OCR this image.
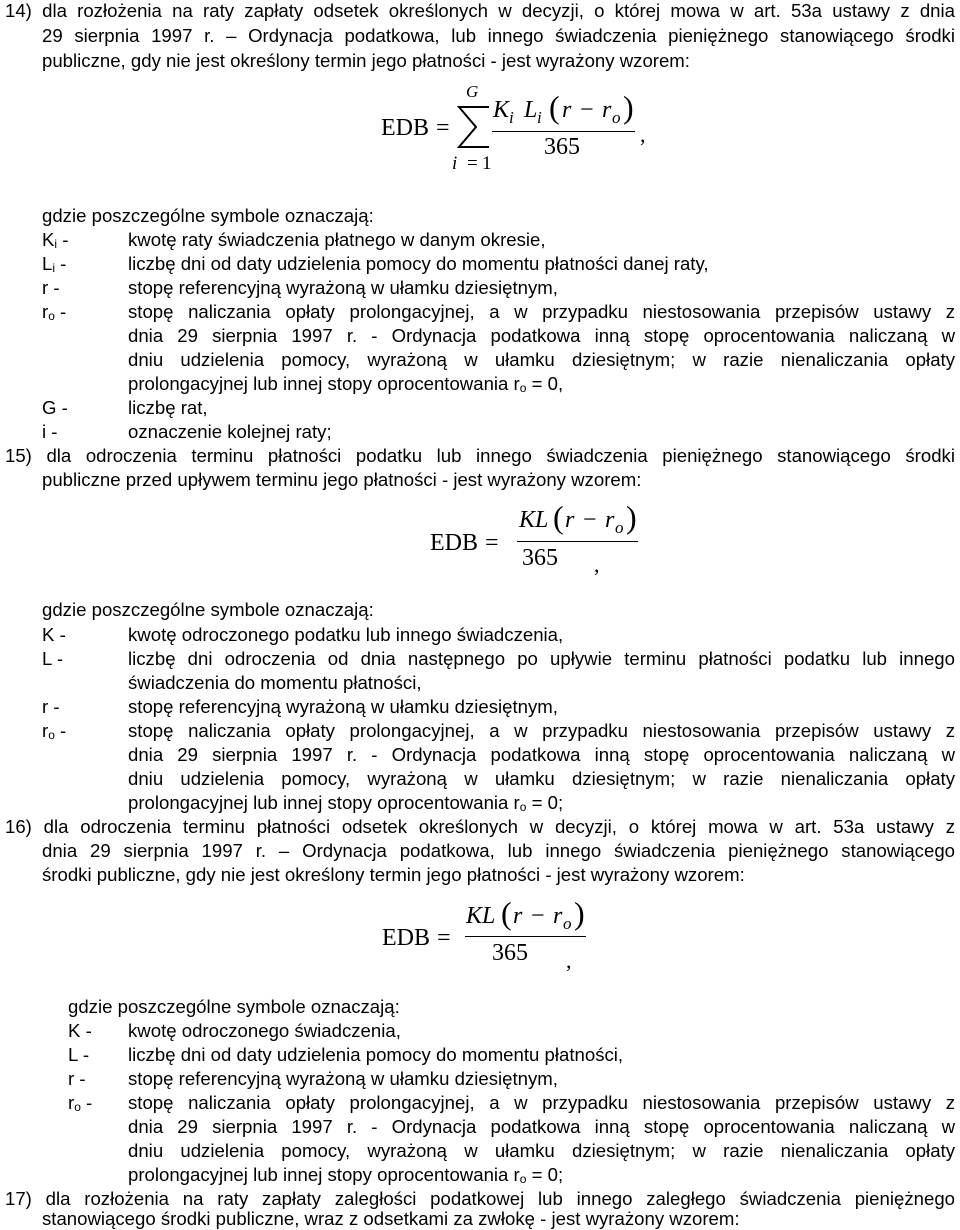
14) dla rozłożenia na raty zapłaty odsetek określonych w decyzji, o której mowa w art. 53a ustawy z dnia
29 sierpnia 1997 r. – Ordynacja podatkowa, lub innego świadczenia pieniężnego stanowiącego środki
publiczne, gdy nie jest określony termin jego płatności - jest wyrażony wzorem:
EDB =
G
i = 1
K i L i ( r − r o )
365	,
gdzie poszczególne symbole oznaczają:
$K_i$ -	kwotę raty świadczenia płatnego w danym okresie,
$L_i$ -	liczbę dni od daty udzielenia pomocy do momentu płatności danej raty,
r -	stopę referencyjną wyrażoną w ułamku dziesiętnym,
$r_o$ -	stopę naliczania opłaty prolongacyjnej, a w przypadku niestosowania przepisów ustawy z
dnia 29 sierpnia 1997 r. - Ordynacja podatkowa inną stopę oprocentowania naliczaną w
dniu udzielenia pomocy, wyrażoną w ułamku dziesiętnym; w razie nienaliczania opłaty
prolongacyjnej lub innej stopy oprocentowania $r_o = 0$,
G -	liczbę rat,
i -	oznaczenie kolejnej raty;
15) dla odroczenia terminu płatności podatku lub innego świadczenia pieniężnego stanowiącego środki
publiczne przed upływem terminu jego płatności - jest wyrażony wzorem:
EDB =
KL ( r − r o )
365 ,
gdzie poszczególne symbole oznaczają:
K -	kwotę odroczonego podatku lub innego świadczenia,
L -	liczbę dni odroczenia od dnia następnego po upływie terminu płatności podatku lub innego
świadczenia do momentu płatności,
r -	stopę referencyjną wyrażoną w ułamku dziesiętnym,
$r_o$ -	stopę naliczania opłaty prolongacyjnej, a w przypadku niestosowania przepisów ustawy z
dnia 29 sierpnia 1997 r. - Ordynacja podatkowa inną stopę oprocentowania naliczaną w
dniu udzielenia pomocy, wyrażoną w ułamku dziesiętnym; w razie nienaliczania opłaty
prolongacyjnej lub innej stopy oprocentowania $r_o = 0$;
16) dla odroczenia terminu płatności odsetek określonych w decyzji, o której mowa w art. 53a ustawy z
dnia 29 sierpnia 1997 r. – Ordynacja podatkowa, lub innego świadczenia pieniężnego stanowiącego
środki publiczne, gdy nie jest określony termin jego płatności - jest wyrażony wzorem:
EDB =
KL ( r − r o )
365 ,
gdzie poszczególne symbole oznaczają:
K - kwotę odroczonego świadczenia,
L - liczbę dni od daty udzielenia pomocy do momentu płatności,
r - stopę referencyjną wyrażoną w ułamku dziesiętnym,
$r_o$ - stopę naliczania opłaty prolongacyjnej, a w przypadku niestosowania przepisów ustawy z
dnia 29 sierpnia 1997 r. - Ordynacja podatkowa inną stopę oprocentowania naliczaną w
dniu udzielenia pomocy, wyrażoną w ułamku dziesiętnym; w razie nienaliczania opłaty
prolongacyjnej lub innej stopy oprocentowania $r_o = 0$;
17) dla rozłożenia na raty zapłaty zaległości podatkowej lub innego zaległego świadczenia pieniężnego
stanowiącego środki publiczne, wraz z odsetkami za zwłokę - jest wyrażony wzorem:
